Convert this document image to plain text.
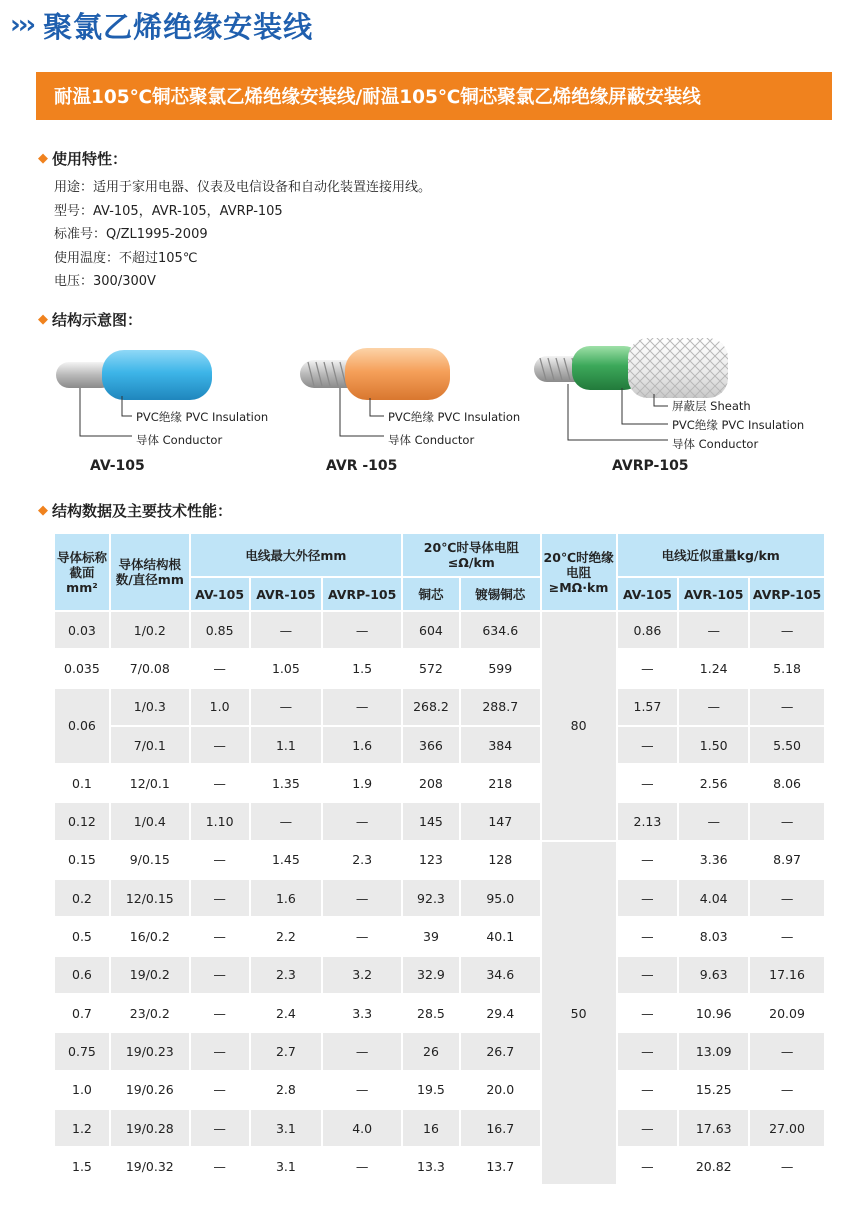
››› 聚氯乙烯绝缘安装线
耐温105℃铜芯聚氯乙烯绝缘安装线/耐温105℃铜芯聚氯乙烯绝缘屏蔽安装线
◆ 使用特性：
用途：适用于家用电器、仪表及电信设备和自动化装置连接用线。
型号：AV-105，AVR-105，AVRP-105
标准号：Q/ZL1995-2009
使用温度：不超过105℃
电压：300/300V
◆ 结构示意图：
PVC绝缘 PVC Insulation
导体 Conductor
AV-105
PVC绝缘 PVC Insulation
导体 Conductor
AVR -105
屏蔽层 Sheath
PVC绝缘 PVC Insulation
导体 Conductor
AVRP-105
◆ 结构数据及主要技术性能：
导体标称截面mm²	导体结构根数/直径mm	电线最大外径mm			20℃时导体电阻≤Ω/km		20℃时绝缘电阻≥MΩ·km	电线近似重量kg/km		
		AV-105	AVR-105	AVRP-105	铜芯	镀锡铜芯		AV-105	AVR-105	AVRP-105
0.03	1/0.2	0.85	—	—	604	634.6	80	0.86	—	—
0.035	7/0.08	—	1.05	1.5	572	599		—	1.24	5.18
0.06	1/0.3	1.0	—	—	268.2	288.7		1.57	—	—
	7/0.1	—	1.1	1.6	366	384		—	1.50	5.50
0.1	12/0.1	—	1.35	1.9	208	218		—	2.56	8.06
0.12	1/0.4	1.10	—	—	145	147		2.13	—	—
0.15	9/0.15	—	1.45	2.3	123	128	50	—	3.36	8.97
0.2	12/0.15	—	1.6	—	92.3	95.0		—	4.04	—
0.5	16/0.2	—	2.2	—	39	40.1		—	8.03	—
0.6	19/0.2	—	2.3	3.2	32.9	34.6		—	9.63	17.16
0.7	23/0.2	—	2.4	3.3	28.5	29.4		—	10.96	20.09
0.75	19/0.23	—	2.7	—	26	26.7		—	13.09	—
1.0	19/0.26	—	2.8	—	19.5	20.0		—	15.25	—
1.2	19/0.28	—	3.1	4.0	16	16.7		—	17.63	27.00
1.5	19/0.32	—	3.1	—	13.3	13.7		—	20.82	—
